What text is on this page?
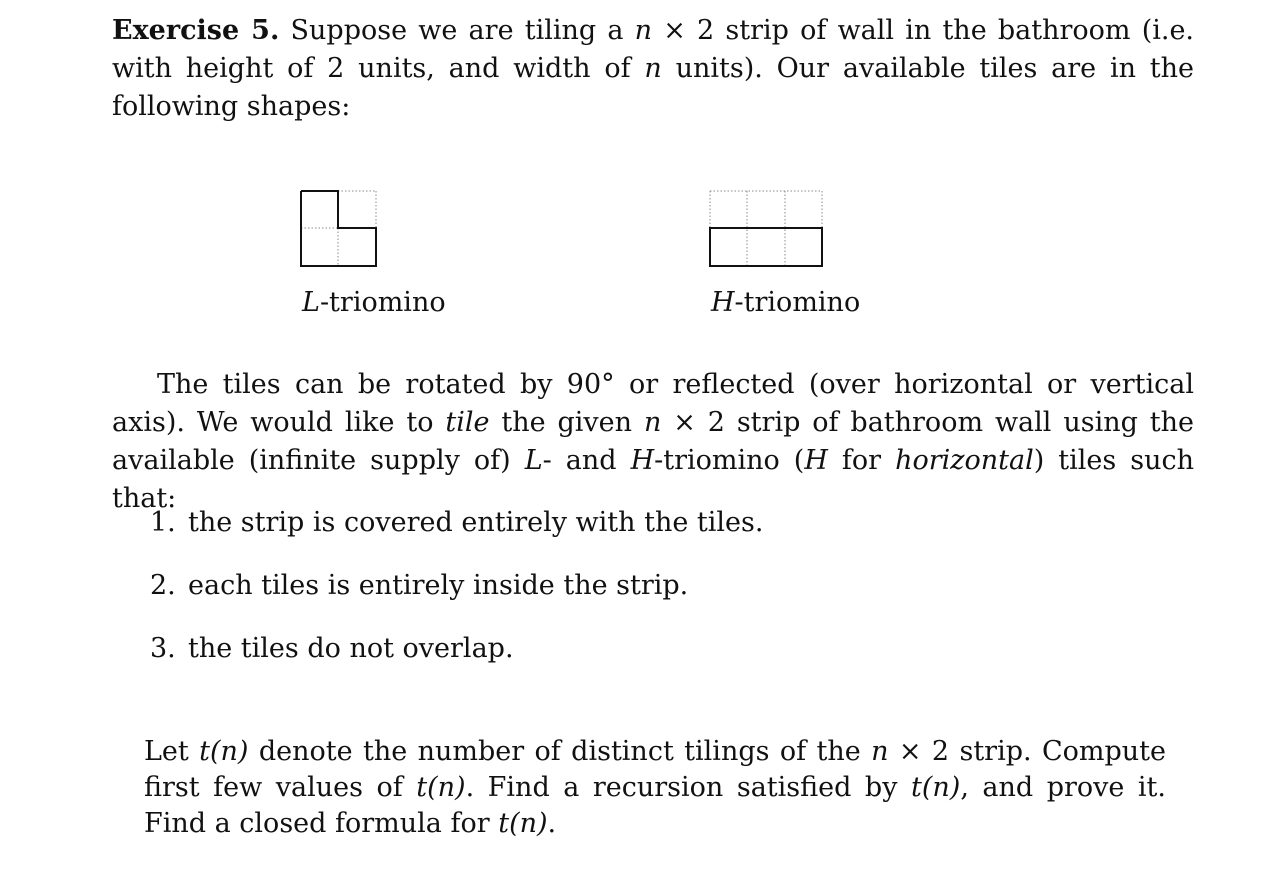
Exercise 5. Suppose we are tiling a n × 2 strip of wall in the bathroom (i.e. with height of 2 units, and width of n units). Our available tiles are in the following shapes:

L-triomino	H-triomino

The tiles can be rotated by 90° or reflected (over horizontal or vertical axis). We would like to tile the given n × 2 strip of bathroom wall using the available (infinite supply of) L- and H-triomino (H for horizontal) tiles such that:

1. the strip is covered entirely with the tiles.
2. each tiles is entirely inside the strip.
3. the tiles do not overlap.

Let t(n) denote the number of distinct tilings of the n × 2 strip. Compute first few values of t(n). Find a recursion satisfied by t(n), and prove it. Find a closed formula for t(n).
